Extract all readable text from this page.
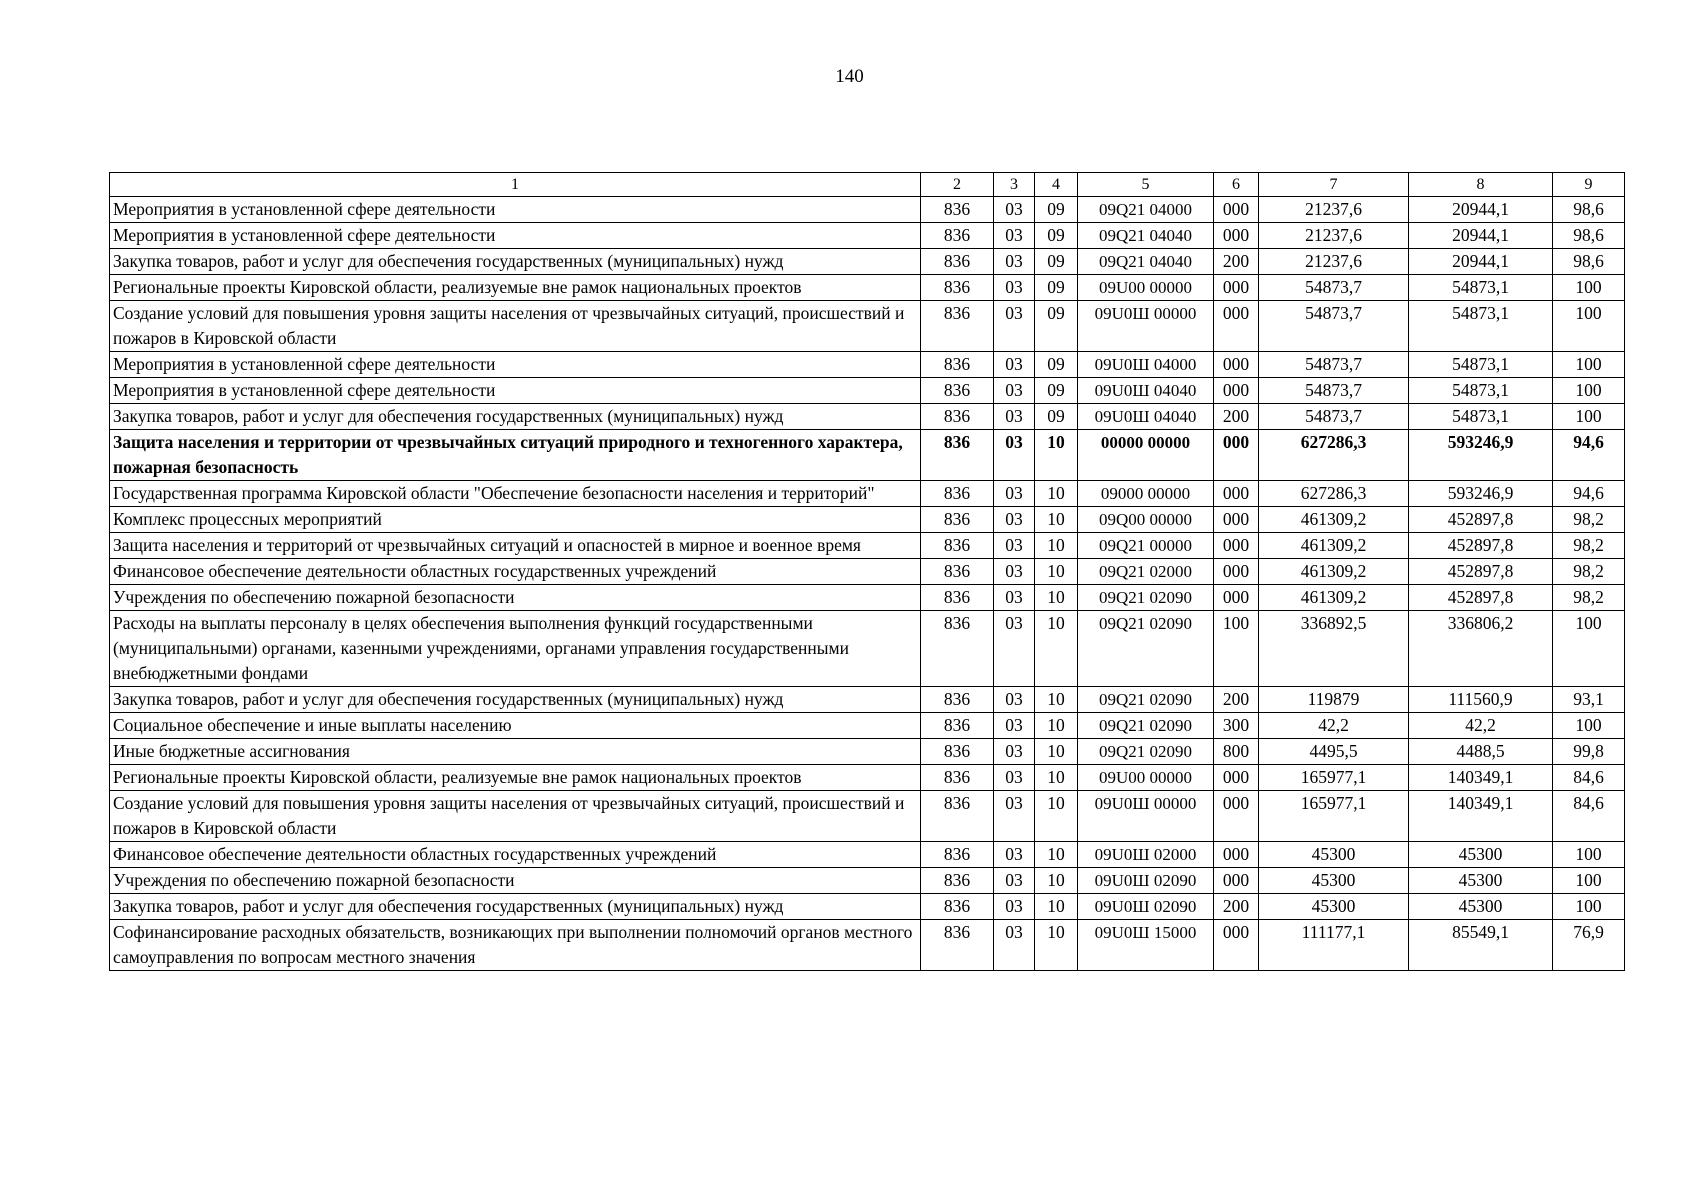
140
1	2	3	4	5	6	7	8	9
Мероприятия в установленной сфере деятельности	836	03	09	09Q21 04000	000	21237,6	20944,1	98,6
Мероприятия в установленной сфере деятельности	836	03	09	09Q21 04040	000	21237,6	20944,1	98,6
Закупка товаров, работ и услуг для обеспечения государственных (муниципальных) нужд	836	03	09	09Q21 04040	200	21237,6	20944,1	98,6
Региональные проекты Кировской области, реализуемые вне рамок национальных проектов	836	03	09	09U00 00000	000	54873,7	54873,1	100
Создание условий для повышения уровня защиты населения от чрезвычайных ситуаций, происшествий и пожаров в Кировской области	836	03	09	09U0Ш 00000	000	54873,7	54873,1	100
Мероприятия в установленной сфере деятельности	836	03	09	09U0Ш 04000	000	54873,7	54873,1	100
Мероприятия в установленной сфере деятельности	836	03	09	09U0Ш 04040	000	54873,7	54873,1	100
Закупка товаров, работ и услуг для обеспечения государственных (муниципальных) нужд	836	03	09	09U0Ш 04040	200	54873,7	54873,1	100
Защита населения и территории от чрезвычайных ситуаций природного и техногенного характера, пожарная безопасность	836	03	10	00000 00000	000	627286,3	593246,9	94,6
Государственная программа Кировской области "Обеспечение безопасности населения и территорий"	836	03	10	09000 00000	000	627286,3	593246,9	94,6
Комплекс процессных мероприятий	836	03	10	09Q00 00000	000	461309,2	452897,8	98,2
Защита населения и территорий от чрезвычайных ситуаций и опасностей в мирное и военное время	836	03	10	09Q21 00000	000	461309,2	452897,8	98,2
Финансовое обеспечение деятельности областных государственных учреждений	836	03	10	09Q21 02000	000	461309,2	452897,8	98,2
Учреждения по обеспечению пожарной безопасности	836	03	10	09Q21 02090	000	461309,2	452897,8	98,2
Расходы на выплаты персоналу в целях обеспечения выполнения функций государственными (муниципальными) органами, казенными учреждениями, органами управления государственными внебюджетными фондами	836	03	10	09Q21 02090	100	336892,5	336806,2	100
Закупка товаров, работ и услуг для обеспечения государственных (муниципальных) нужд	836	03	10	09Q21 02090	200	119879	111560,9	93,1
Социальное обеспечение и иные выплаты населению	836	03	10	09Q21 02090	300	42,2	42,2	100
Иные бюджетные ассигнования	836	03	10	09Q21 02090	800	4495,5	4488,5	99,8
Региональные проекты Кировской области, реализуемые вне рамок национальных проектов	836	03	10	09U00 00000	000	165977,1	140349,1	84,6
Создание условий для повышения уровня защиты населения от чрезвычайных ситуаций, происшествий и пожаров в Кировской области	836	03	10	09U0Ш 00000	000	165977,1	140349,1	84,6
Финансовое обеспечение деятельности областных государственных учреждений	836	03	10	09U0Ш 02000	000	45300	45300	100
Учреждения по обеспечению пожарной безопасности	836	03	10	09U0Ш 02090	000	45300	45300	100
Закупка товаров, работ и услуг для обеспечения государственных (муниципальных) нужд	836	03	10	09U0Ш 02090	200	45300	45300	100
Софинансирование расходных обязательств, возникающих при выполнении полномочий органов местного самоуправления по вопросам местного значения	836	03	10	09U0Ш 15000	000	111177,1	85549,1	76,9
